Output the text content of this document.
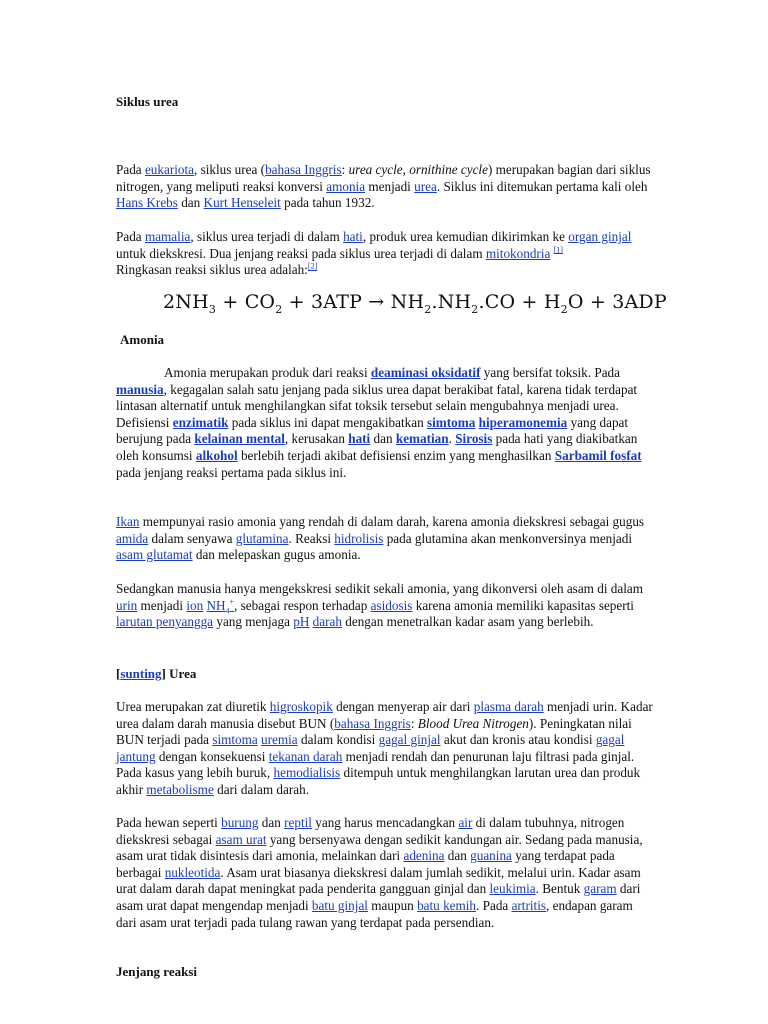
Siklus urea

Pada eukariota, siklus urea (bahasa Inggris: urea cycle, ornithine cycle) merupakan bagian dari siklus nitrogen, yang meliputi reaksi konversi amonia menjadi urea. Siklus ini ditemukan pertama kali oleh Hans Krebs dan Kurt Henseleit pada tahun 1932.

Pada mamalia, siklus urea terjadi di dalam hati, produk urea kemudian dikirimkan ke organ ginjal untuk diekskresi. Dua jenjang reaksi pada siklus urea terjadi di dalam mitokondria [1]
Ringkasan reaksi siklus urea adalah:[2]

$2NH_3 + CO_2 + 3ATP \to NH_2.NH_2.CO + H_2O + 3ADP$
Amonia

Amonia merupakan produk dari reaksi deaminasi oksidatif yang bersifat toksik. Pada manusia, kegagalan salah satu jenjang pada siklus urea dapat berakibat fatal, karena tidak terdapat lintasan alternatif untuk menghilangkan sifat toksik tersebut selain mengubahnya menjadi urea. Defisiensi enzimatik pada siklus ini dapat mengakibatkan simtoma hiperamonemia yang dapat berujung pada kelainan mental, kerusakan hati dan kematian. Sirosis pada hati yang diakibatkan oleh konsumsi alkohol berlebih terjadi akibat defisiensi enzim yang menghasilkan Sarbamil fosfat pada jenjang reaksi pertama pada siklus ini.

Ikan mempunyai rasio amonia yang rendah di dalam darah, karena amonia diekskresi sebagai gugus amida dalam senyawa glutamina. Reaksi hidrolisis pada glutamina akan menkonversinya menjadi asam glutamat dan melepaskan gugus amonia.

Sedangkan manusia hanya mengekskresi sedikit sekali amonia, yang dikonversi oleh asam di dalam urin menjadi ion $NH_4^+$, sebagai respon terhadap asidosis karena amonia memiliki kapasitas seperti larutan penyangga yang menjaga pH darah dengan menetralkan kadar asam yang berlebih.

[sunting] Urea

Urea merupakan zat diuretik higroskopik dengan menyerap air dari plasma darah menjadi urin. Kadar urea dalam darah manusia disebut BUN (bahasa Inggris: Blood Urea Nitrogen). Peningkatan nilai BUN terjadi pada simtoma uremia dalam kondisi gagal ginjal akut dan kronis atau kondisi gagal jantung dengan konsekuensi tekanan darah menjadi rendah dan penurunan laju filtrasi pada ginjal. Pada kasus yang lebih buruk, hemodialisis ditempuh untuk menghilangkan larutan urea dan produk akhir metabolisme dari dalam darah.

Pada hewan seperti burung dan reptil yang harus mencadangkan air di dalam tubuhnya, nitrogen diekskresi sebagai asam urat yang bersenyawa dengan sedikit kandungan air. Sedang pada manusia, asam urat tidak disintesis dari amonia, melainkan dari adenina dan guanina yang terdapat pada berbagai nukleotida. Asam urat biasanya diekskresi dalam jumlah sedikit, melalui urin. Kadar asam urat dalam darah dapat meningkat pada penderita gangguan ginjal dan leukimia. Bentuk garam dari asam urat dapat mengendap menjadi batu ginjal maupun batu kemih. Pada artritis, endapan garam dari asam urat terjadi pada tulang rawan yang terdapat pada persendian.

Jenjang reaksi
